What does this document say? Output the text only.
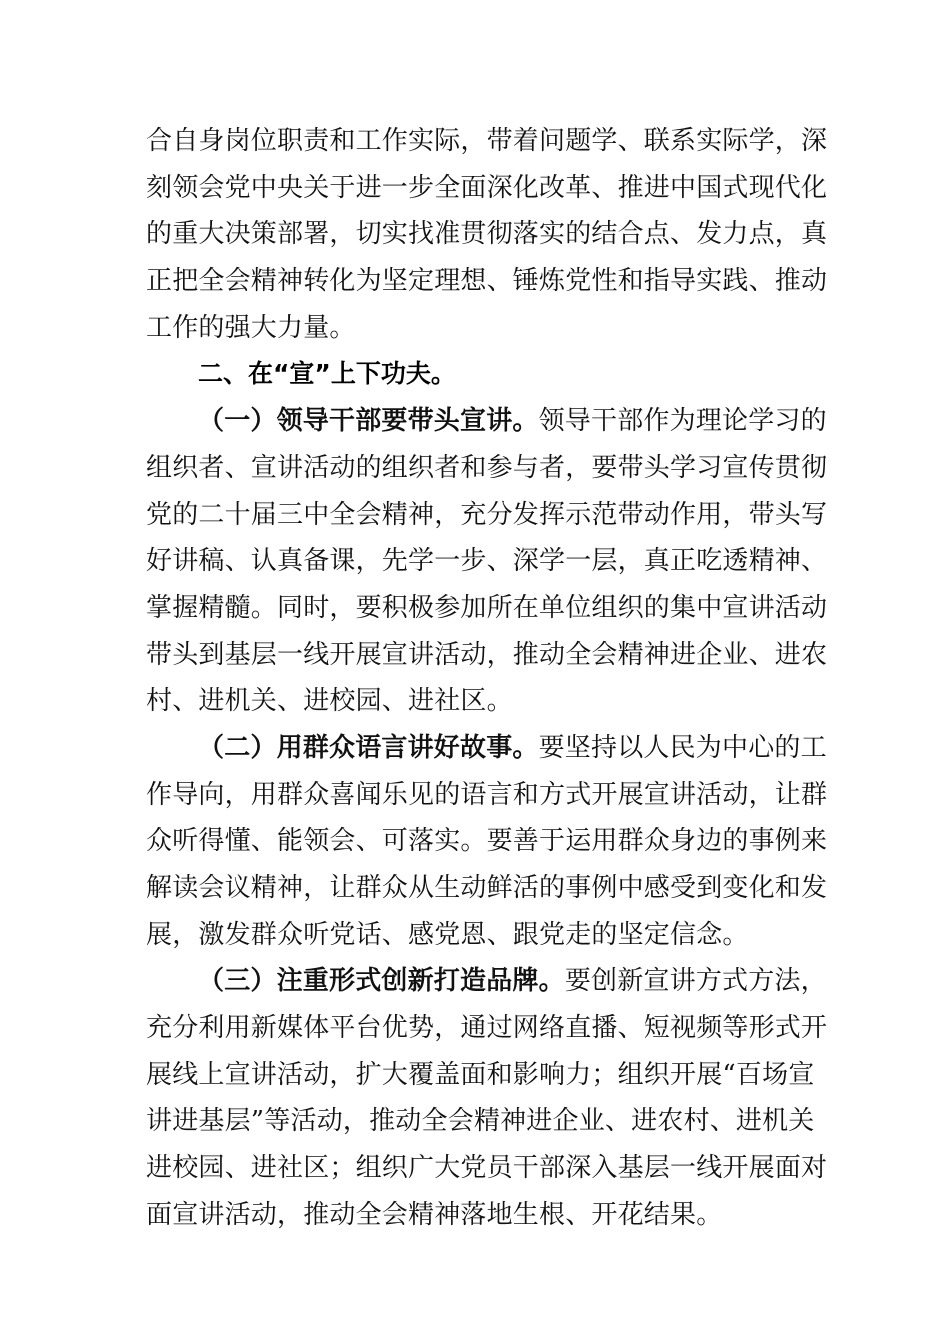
合自身岗位职责和工作实际，带着问题学、联系实际学，深
刻领会党中央关于进一步全面深化改革、推进中国式现代化
的重大决策部署，切实找准贯彻落实的结合点、发力点，真
正把全会精神转化为坚定理想、锤炼党性和指导实践、推动
工作的强大力量。
二、在“宣”上下功夫。
（一）领导干部要带头宣讲。领导干部作为理论学习的
组织者、宣讲活动的组织者和参与者，要带头学习宣传贯彻
党的二十届三中全会精神，充分发挥示范带动作用，带头写
好讲稿、认真备课，先学一步、深学一层，真正吃透精神、
掌握精髓。同时，要积极参加所在单位组织的集中宣讲活动
带头到基层一线开展宣讲活动，推动全会精神进企业、进农
村、进机关、进校园、进社区。
（二）用群众语言讲好故事。要坚持以人民为中心的工
作导向，用群众喜闻乐见的语言和方式开展宣讲活动，让群
众听得懂、能领会、可落实。要善于运用群众身边的事例来
解读会议精神，让群众从生动鲜活的事例中感受到变化和发
展，激发群众听党话、感党恩、跟党走的坚定信念。
（三）注重形式创新打造品牌。要创新宣讲方式方法，
充分利用新媒体平台优势，通过网络直播、短视频等形式开
展线上宣讲活动，扩大覆盖面和影响力；组织开展“百场宣
讲进基层”等活动，推动全会精神进企业、进农村、进机关
进校园、进社区；组织广大党员干部深入基层一线开展面对
面宣讲活动，推动全会精神落地生根、开花结果。
